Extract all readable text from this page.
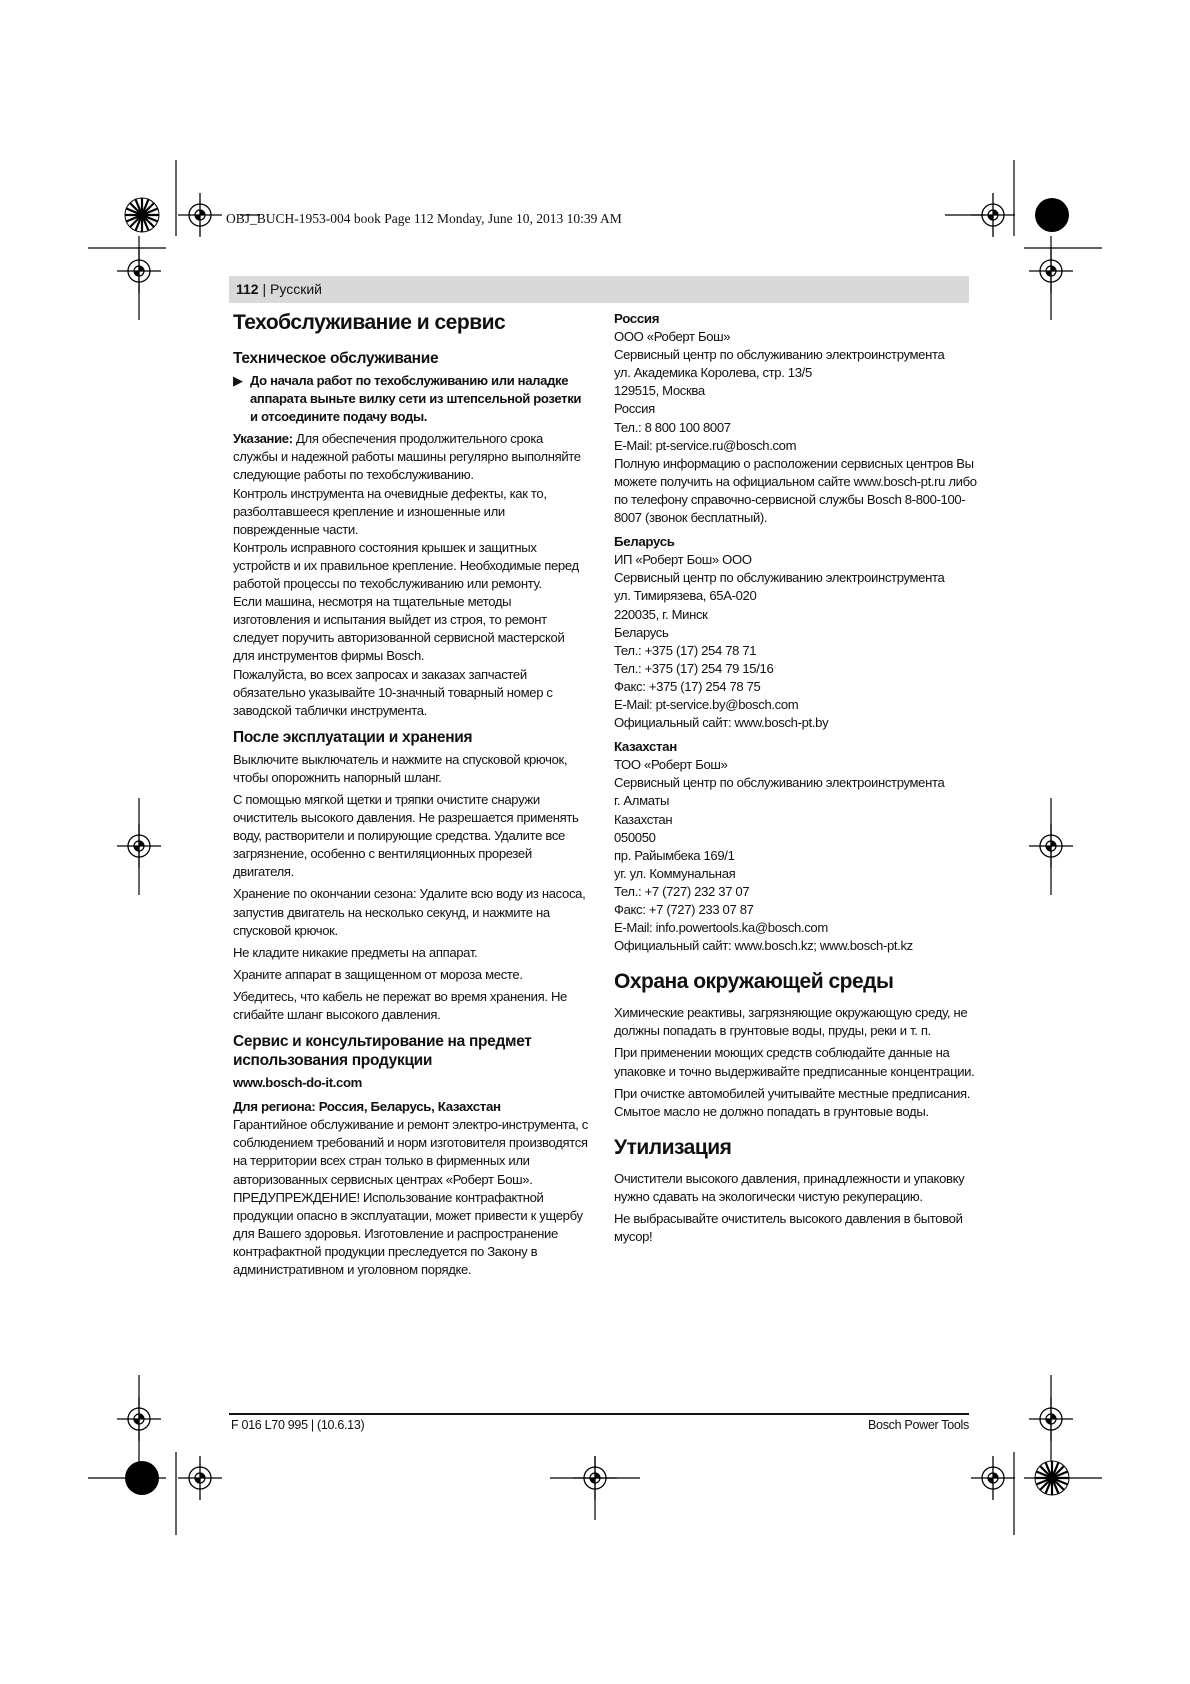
OBJ_BUCH-1953-004 book Page 112 Monday, June 10, 2013 10:39 AM
112 | Русский
Техобслуживание и сервис
Техническое обслуживание

▶ До начала работ по техобслуживанию или наладке аппарата выньте вилку сети из штепсельной розетки и отсоедините подачу воды.

Указание: Для обеспечения продолжительного срока службы и надежной работы машины регулярно выполняйте следующие работы по техобслуживанию.

Контроль инструмента на очевидные дефекты, как то, разболтавшееся крепление и изношенные или поврежденные части.

Контроль исправного состояния крышек и защитных устройств и их правильное крепление. Необходимые перед работой процессы по техобслуживанию или ремонту.

Если машина, несмотря на тщательные методы изготовления и испытания выйдет из строя, то ремонт следует поручить авторизованной сервисной мастерской для инструментов фирмы Bosch.

Пожалуйста, во всех запросах и заказах запчастей обязательно указывайте 10-значный товарный номер с заводской таблички инструмента.

После эксплуатации и хранения

Выключите выключатель и нажмите на спусковой крючок, чтобы опорожнить напорный шланг.

С помощью мягкой щетки и тряпки очистите снаружи очиститель высокого давления. Не разрешается применять воду, растворители и полирующие средства. Удалите все загрязнение, особенно с вентиляционных прорезей двигателя.

Хранение по окончании сезона: Удалите всю воду из насоса, запустив двигатель на несколько секунд, и нажмите на спусковой крючок.

Не кладите никакие предметы на аппарат.

Храните аппарат в защищенном от мороза месте.

Убедитесь, что кабель не пережат во время хранения. Не сгибайте шланг высокого давления.

Сервис и консультирование на предмет использования продукции

www.bosch-do-it.com

Для региона: Россия, Беларусь, Казахстан

Гарантийное обслуживание и ремонт электро-инструмента, с соблюдением требований и норм изготовителя производятся на территории всех стран только в фирменных или авторизованных сервисных центрах «Роберт Бош».

ПРЕДУПРЕЖДЕНИЕ! Использование контрафактной продукции опасно в эксплуатации, может привести к ущербу для Вашего здоровья. Изготовление и распространение контрафактной продукции преследуется по Закону в административном и уголовном порядке.

Россия
ООО «Роберт Бош»
Сервисный центр по обслуживанию электроинструмента
ул. Академика Королева, стр. 13/5
129515, Москва
Россия
Тел.: 8 800 100 8007
E-Mail: pt-service.ru@bosch.com

Полную информацию о расположении сервисных центров Вы можете получить на официальном сайте www.bosch-pt.ru либо по телефону справочно-сервисной службы Bosch 8-800-100-8007 (звонок бесплатный).

Беларусь
ИП «Роберт Бош» ООО
Сервисный центр по обслуживанию электроинструмента
ул. Тимирязева, 65А-020
220035, г. Минск
Беларусь
Тел.: +375 (17) 254 78 71
Тел.: +375 (17) 254 79 15/16
Факс: +375 (17) 254 78 75
E-Mail: pt-service.by@bosch.com
Официальный сайт: www.bosch-pt.by
Казахстан
ТОО «Роберт Бош»
Сервисный центр по обслуживанию электроинструмента
г. Алматы
Казахстан
050050
пр. Райымбека 169/1
уг. ул. Коммунальная
Тел.: +7 (727) 232 37 07
Факс: +7 (727) 233 07 87
E-Mail: info.powertools.ka@bosch.com
Официальный сайт: www.bosch.kz; www.bosch-pt.kz
Охрана окружающей среды

Химические реактивы, загрязняющие окружающую среду, не должны попадать в грунтовые воды, пруды, реки и т. п.

При применении моющих средств соблюдайте данные на упаковке и точно выдерживайте предписанные концентрации.

При очистке автомобилей учитывайте местные предписания. Смытое масло не должно попадать в грунтовые воды.

Утилизация

Очистители высокого давления, принадлежности и упаковку нужно сдавать на экологически чистую рекуперацию.

Не выбрасывайте очиститель высокого давления в бытовой мусор!

F 016 L70 995 | (10.6.13)	Bosch Power Tools
